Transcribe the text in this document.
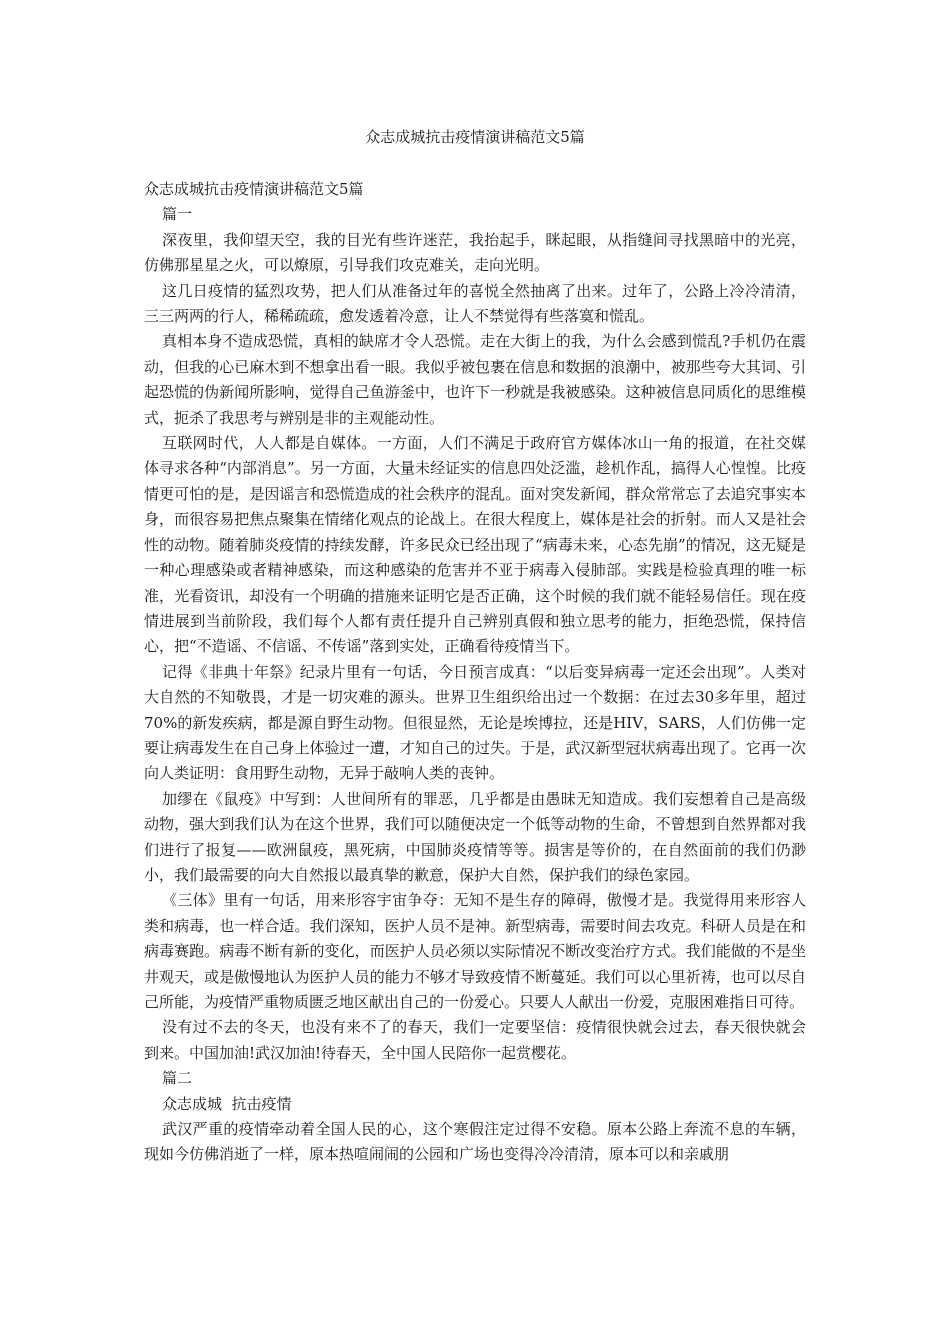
众志成城抗击疫情演讲稿范文5篇

众志成城抗击疫情演讲稿范文5篇

篇一

深夜里，我仰望天空，我的目光有些许迷茫，我抬起手，眯起眼，从指缝间寻找黑暗中的光亮，仿佛那星星之火，可以燎原，引导我们攻克难关，走向光明。

这几日疫情的猛烈攻势，把人们从准备过年的喜悦全然抽离了出来。过年了，公路上冷冷清清，三三两两的行人，稀稀疏疏，愈发透着冷意，让人不禁觉得有些落寞和慌乱。

真相本身不造成恐慌，真相的缺席才令人恐慌。走在大街上的我，为什么会感到慌乱?手机仍在震动，但我的心已麻木到不想拿出看一眼。我似乎被包裹在信息和数据的浪潮中，被那些夸大其词、引起恐慌的伪新闻所影响，觉得自己鱼游釜中，也许下一秒就是我被感染。这种被信息同质化的思维模式，扼杀了我思考与辨别是非的主观能动性。

互联网时代，人人都是自媒体。一方面，人们不满足于政府官方媒体冰山一角的报道，在社交媒体寻求各种“内部消息”。另一方面，大量未经证实的信息四处泛滥，趁机作乱，搞得人心惶惶。比疫情更可怕的是，是因谣言和恐慌造成的社会秩序的混乱。面对突发新闻，群众常常忘了去追究事实本身，而很容易把焦点聚集在情绪化观点的论战上。在很大程度上，媒体是社会的折射。而人又是社会性的动物。随着肺炎疫情的持续发酵，许多民众已经出现了“病毒未来，心态先崩”的情况，这无疑是一种心理感染或者精神感染，而这种感染的危害并不亚于病毒入侵肺部。实践是检验真理的唯一标准，光看资讯，却没有一个明确的措施来证明它是否正确，这个时候的我们就不能轻易信任。现在疫情进展到当前阶段，我们每个人都有责任提升自己辨别真假和独立思考的能力，拒绝恐慌，保持信心，把“不造谣、不信谣、不传谣”落到实处，正确看待疫情当下。

记得《非典十年祭》纪录片里有一句话，今日预言成真：“以后变异病毒一定还会出现”。人类对大自然的不知敬畏，才是一切灾难的源头。世界卫生组织给出过一个数据：在过去30多年里，超过70%的新发疾病，都是源自野生动物。但很显然，无论是埃博拉，还是HIV，SARS，人们仿佛一定要让病毒发生在自己身上体验过一遭，才知自己的过失。于是，武汉新型冠状病毒出现了。它再一次向人类证明：食用野生动物，无异于敲响人类的丧钟。

加缪在《鼠疫》中写到：人世间所有的罪恶，几乎都是由愚昧无知造成。我们妄想着自己是高级动物，强大到我们认为在这个世界，我们可以随便决定一个低等动物的生命，不曾想到自然界都对我们进行了报复——欧洲鼠疫，黑死病，中国肺炎疫情等等。损害是等价的，在自然面前的我们仍渺小，我们最需要的向大自然报以最真挚的歉意，保护大自然，保护我们的绿色家园。

《三体》里有一句话，用来形容宇宙争夺：无知不是生存的障碍，傲慢才是。我觉得用来形容人类和病毒，也一样合适。我们深知，医护人员不是神。新型病毒，需要时间去攻克。科研人员是在和病毒赛跑。病毒不断有新的变化，而医护人员必须以实际情况不断改变治疗方式。我们能做的不是坐井观天，或是傲慢地认为医护人员的能力不够才导致疫情不断蔓延。我们可以心里祈祷，也可以尽自己所能，为疫情严重物质匮乏地区献出自己的一份爱心。只要人人献出一份爱，克服困难指日可待。

没有过不去的冬天，也没有来不了的春天，我们一定要坚信：疫情很快就会过去，春天很快就会到来。中国加油!武汉加油!待春天，全中国人民陪你一起赏樱花。

篇二

众志成城  抗击疫情

武汉严重的疫情牵动着全国人民的心，这个寒假注定过得不安稳。原本公路上奔流不息的车辆，现如今仿佛消逝了一样，原本热喧闹闹的公园和广场也变得冷冷清清，原本可以和亲戚朋
